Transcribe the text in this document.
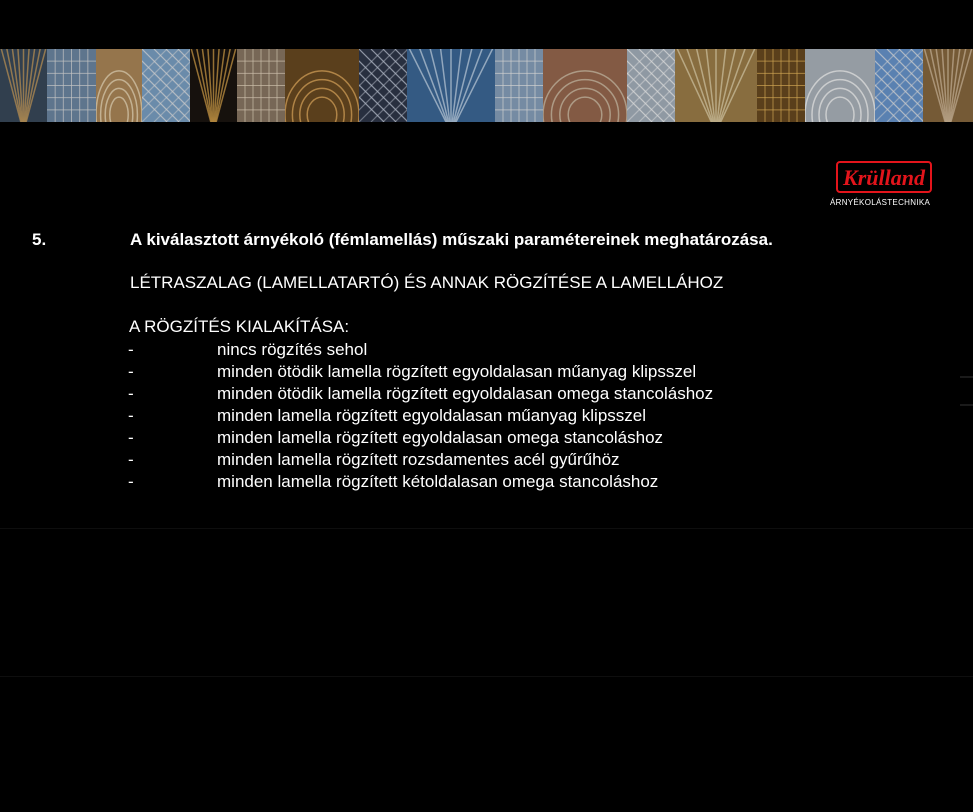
Krülland
ÁRNYÉKOLÁSTECHNIKA
5.	A kiválasztott árnyékoló (fémlamellás) műszaki paramétereinek meghatározása.
LÉTRASZALAG (LAMELLATARTÓ) ÉS ANNAK RÖGZÍTÉSE A LAMELLÁHOZ
A RÖGZÍTÉS KIALAKÍTÁSA:
-	nincs rögzítés sehol
-	minden ötödik lamella rögzített egyoldalasan műanyag klipsszel
-	minden ötödik lamella rögzített egyoldalasan omega stancoláshoz
-	minden lamella rögzített egyoldalasan műanyag klipsszel
-	minden lamella rögzített egyoldalasan omega stancoláshoz
-	minden lamella rögzített rozsdamentes acél gyűrűhöz
-	minden lamella rögzített kétoldalasan omega stancoláshoz
